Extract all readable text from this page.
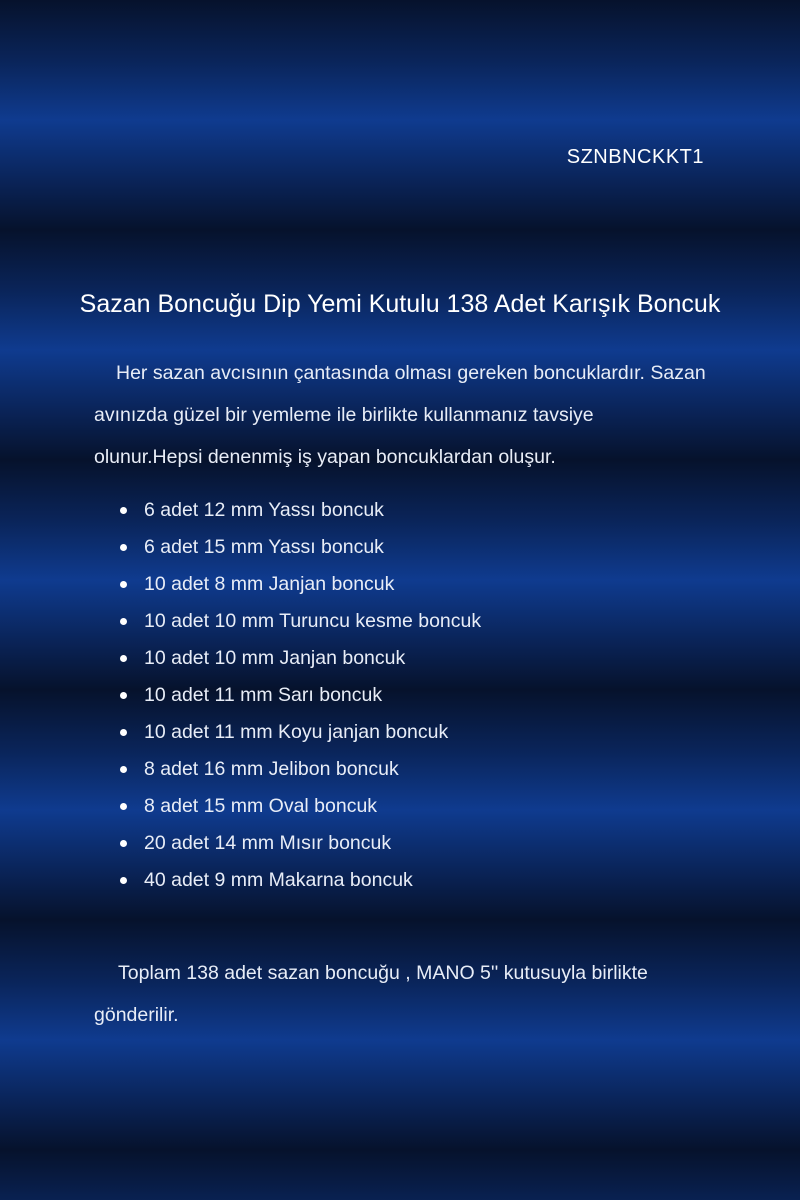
SZNBNCKKT1
Sazan Boncuğu Dip Yemi Kutulu 138 Adet Karışık Boncuk

Her sazan avcısının çantasında olması gereken boncuklardır. Sazan avınızda güzel bir yemleme ile birlikte kullanmanız tavsiye olunur.Hepsi denenmiş iş yapan boncuklardan oluşur.

6 adet 12 mm Yassı boncuk
6 adet 15 mm Yassı boncuk
10 adet 8 mm Janjan boncuk
10 adet 10 mm Turuncu kesme boncuk
10 adet 10 mm Janjan boncuk
10 adet 11 mm Sarı boncuk
10 adet 11 mm Koyu janjan boncuk
8 adet 16 mm Jelibon boncuk
8 adet 15 mm Oval boncuk
20 adet 14 mm Mısır boncuk
40 adet 9 mm Makarna boncuk

Toplam 138 adet sazan boncuğu , MANO 5'' kutusuyla birlikte gönderilir.
